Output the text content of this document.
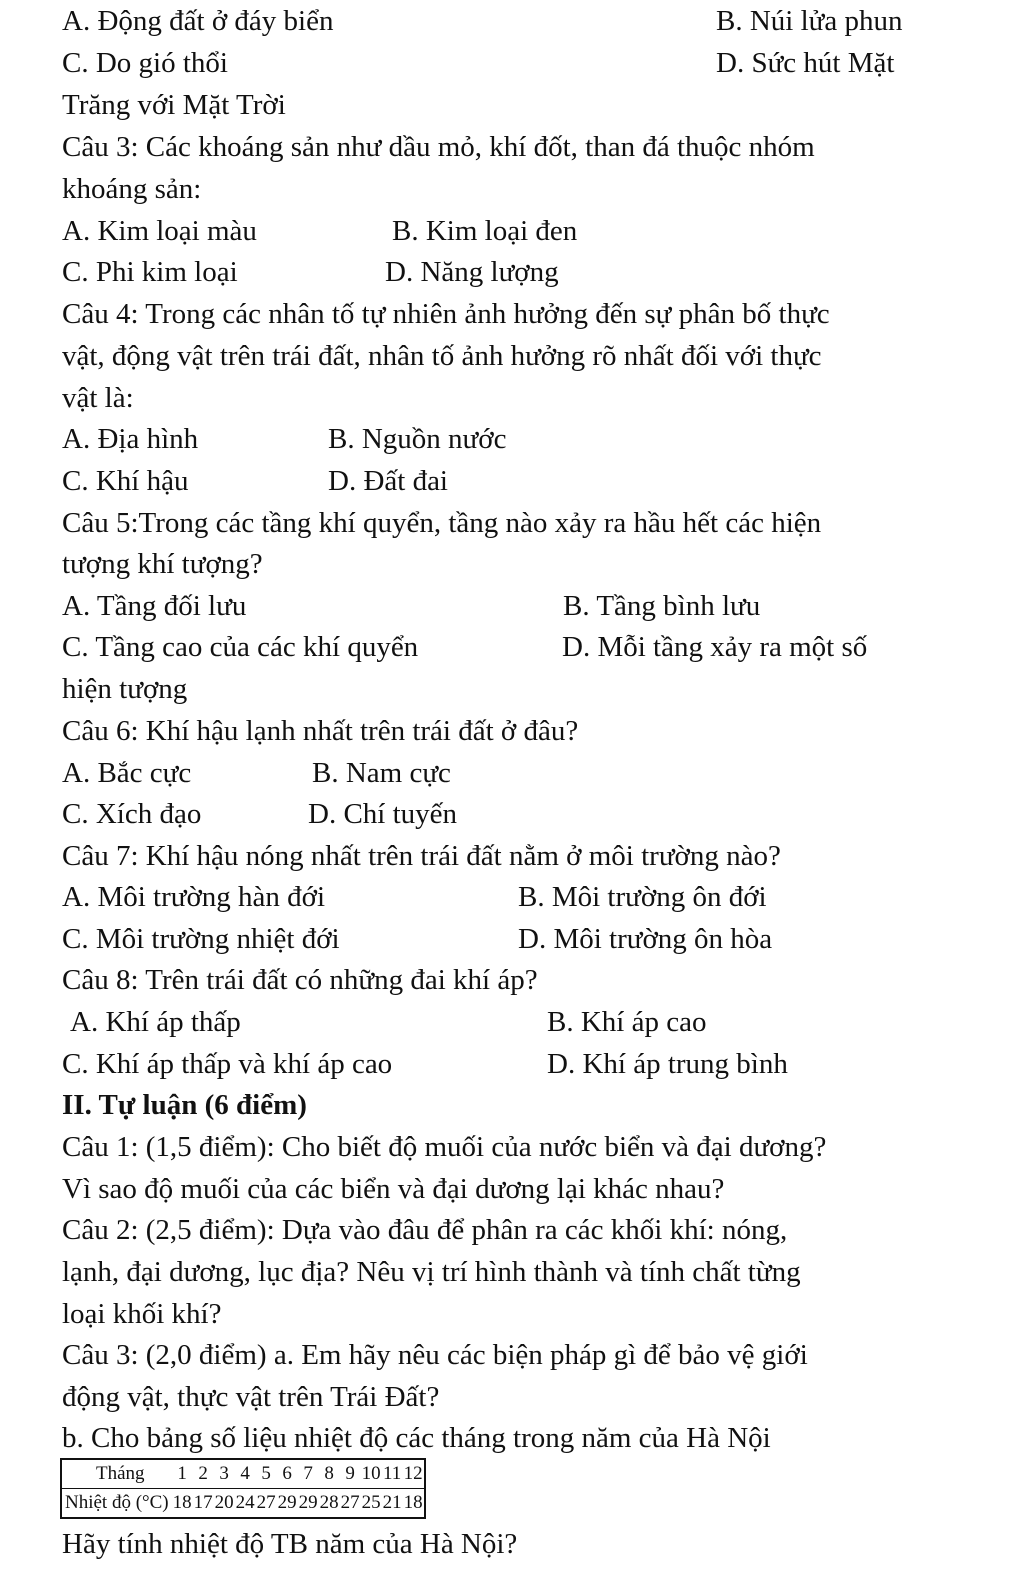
A. Động đất ở đáy biển	B. Núi lửa phun
C. Do gió thổi	D. Sức hút Mặt
Trăng với Mặt Trời
Câu 3: Các khoáng sản như dầu mỏ, khí đốt, than đá thuộc nhóm
khoáng sản:
A. Kim loại màu	B. Kim loại đen
C. Phi kim loại	D. Năng lượng
Câu 4: Trong các nhân tố tự nhiên ảnh hưởng đến sự phân bố thực
vật, động vật trên trái đất, nhân tố ảnh hưởng rõ nhất đối với thực
vật là:
A. Địa hình	B. Nguồn nước
C. Khí hậu	D. Đất đai
Câu 5:Trong các tầng khí quyển, tầng nào xảy ra hầu hết các hiện
tượng khí tượng?
A. Tầng đối lưu	B. Tầng bình lưu
C. Tầng cao của các khí quyển	D. Mỗi tầng xảy ra một số
hiện tượng
Câu 6: Khí hậu lạnh nhất trên trái đất ở đâu?
A. Bắc cực	B. Nam cực
C. Xích đạo	D. Chí tuyến
Câu 7: Khí hậu nóng nhất trên trái đất nằm ở môi trường nào?
A. Môi trường hàn đới	B. Môi trường ôn đới
C. Môi trường nhiệt đới	D. Môi trường ôn hòa
Câu 8: Trên trái đất có những đai khí áp?
A. Khí áp thấp	B. Khí áp cao
C. Khí áp thấp và khí áp cao	D. Khí áp trung bình
II. Tự luận (6 điểm)
Câu 1: (1,5 điểm): Cho biết độ muối của nước biển và đại dương?
Vì sao độ muối của các biển và đại dương lại khác nhau?
Câu 2: (2,5 điểm): Dựa vào đâu để phân ra các khối khí: nóng,
lạnh, đại dương, lục địa? Nêu vị trí hình thành và tính chất từng
loại khối khí?
Câu 3: (2,0 điểm) a. Em hãy nêu các biện pháp gì để bảo vệ giới
động vật, thực vật trên Trái Đất?
b. Cho bảng số liệu nhiệt độ các tháng trong năm của Hà Nội
Tháng	1	2	3	4	5	6	7	8	9	10	11	12
Nhiệt độ (°C)	18	17	20	24	27	29	29	28	27	25	21	18
Hãy tính nhiệt độ TB năm của Hà Nội?
